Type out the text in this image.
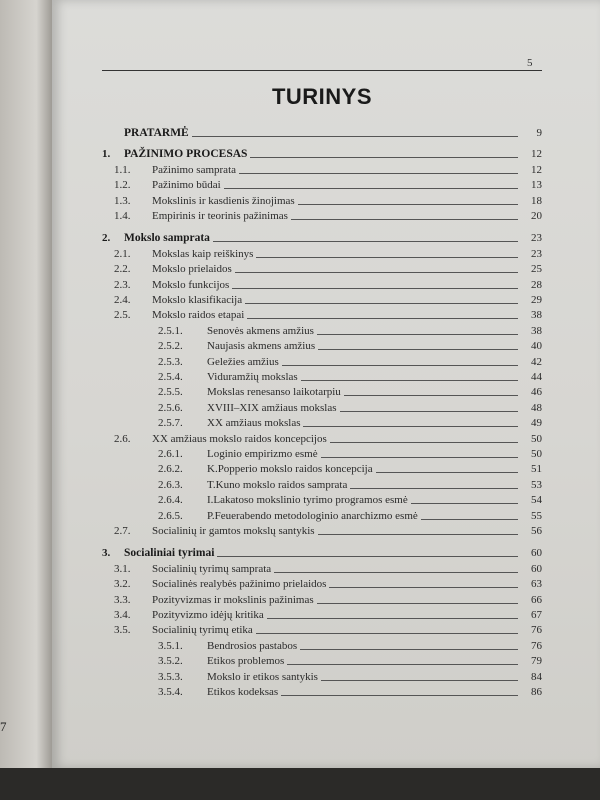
7
5
TURINYS
PRATARMĖ	9
1. PAŽINIMO PROCESAS	12
1.1. Pažinimo samprata	12
1.2. Pažinimo būdai	13
1.3. Mokslinis ir kasdienis žinojimas	18
1.4. Empirinis ir teorinis pažinimas	20
2. Mokslo samprata	23
2.1. Mokslas kaip reiškinys	23
2.2. Mokslo prielaidos	25
2.3. Mokslo funkcijos	28
2.4. Mokslo klasifikacija	29
2.5. Mokslo raidos etapai	38
2.5.1. Senovės akmens amžius	38
2.5.2. Naujasis akmens amžius	40
2.5.3. Geležies amžius	42
2.5.4. Viduramžių mokslas	44
2.5.5. Mokslas renesanso laikotarpiu	46
2.5.6. XVIII–XIX amžiaus mokslas	48
2.5.7. XX amžiaus mokslas	49
2.6. XX amžiaus mokslo raidos koncepcijos	50
2.6.1. Loginio empirizmo esmė	50
2.6.2. K.Popperio mokslo raidos koncepcija	51
2.6.3. T.Kuno mokslo raidos samprata	53
2.6.4. I.Lakatoso mokslinio tyrimo programos esmė	54
2.6.5. P.Feuerabendo metodologinio anarchizmo esmė	55
2.7. Socialinių ir gamtos mokslų santykis	56
3. Socialiniai tyrimai	60
3.1. Socialinių tyrimų samprata	60
3.2. Socialinės realybės pažinimo prielaidos	63
3.3. Pozityvizmas ir mokslinis pažinimas	66
3.4. Pozityvizmo idėjų kritika	67
3.5. Socialinių tyrimų etika	76
3.5.1. Bendrosios pastabos	76
3.5.2. Etikos problemos	79
3.5.3. Mokslo ir etikos santykis	84
3.5.4. Etikos kodeksas	86
